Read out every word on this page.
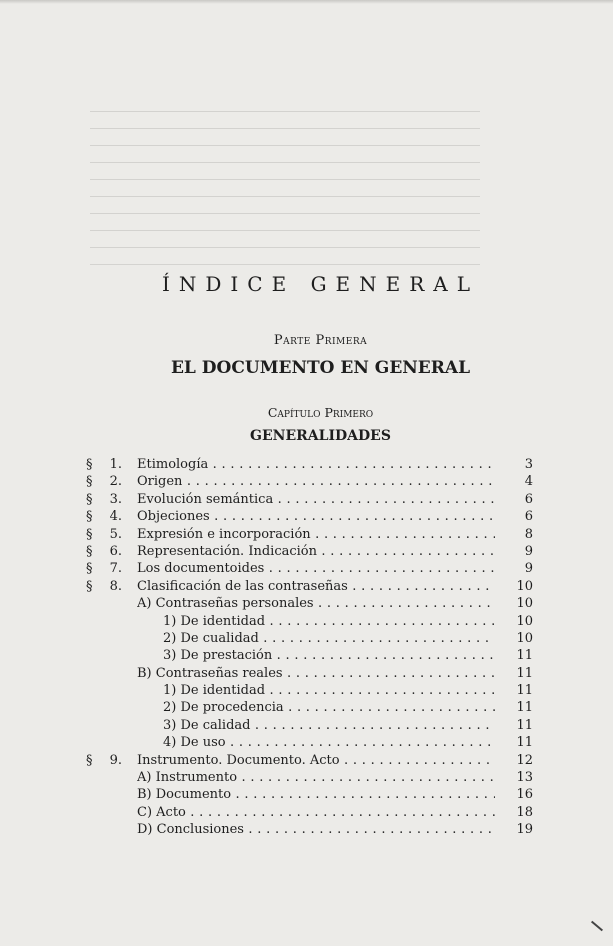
ÍNDICE GENERAL

Parte Primera

EL DOCUMENTO EN GENERAL

Capítulo Primero

GENERALIDADES
§	1. Etimología . . .	3
§	2. Origen . . .	4
§	3. Evolución semántica . . .	6
§	4. Objeciones . . .	6
§	5. Expresión e incorporación . . .	8
§	6. Representación. Indicación . . .	9
§	7. Los documentoides . . .	9
§	8. Clasificación de las contraseñas . . .	10
A) Contraseñas personales . . .	10
1) De identidad . . .	10
2) De cualidad . . .	10
3) De prestación . . .	11
B) Contraseñas reales . . .	11
1) De identidad . . .	11
2) De procedencia . . .	11
3) De calidad . . .	11
4) De uso . . .	11
§	9. Instrumento. Documento. Acto . . .	12
A) Instrumento . . .	13
B) Documento . . .	16
C) Acto . . .	18
D) Conclusiones . . .	19
